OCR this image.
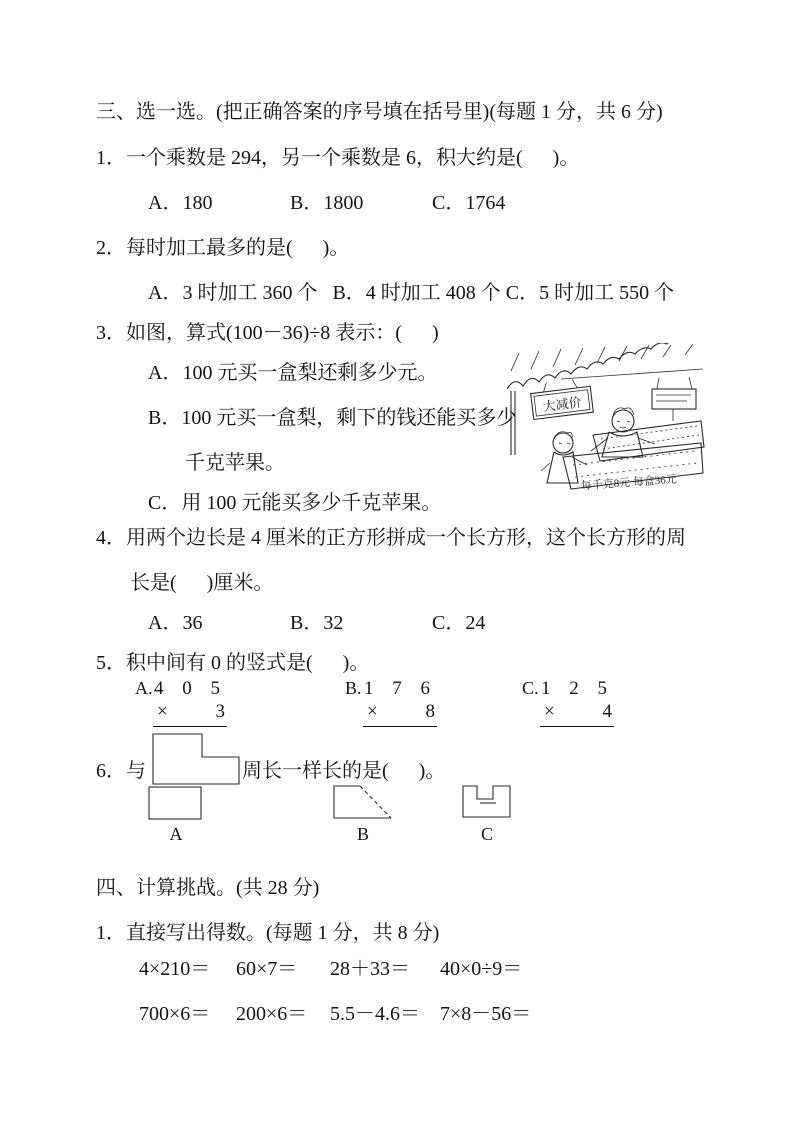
三、选一选。(把正确答案的序号填在括号里)(每题 1 分，共 6 分)
1．一个乘数是 294，另一个乘数是 6，积大约是(      )。
A．180	B．1800	C．1764
2．每时加工最多的是(      )。
A．3 时加工 360 个   B．4 时加工 408 个 C．5 时加工 550 个
3．如图，算式(100－36)÷8 表示：(      )
A．100 元买一盒梨还剩多少元。
B．100 元买一盒梨，剩下的钱还能买多少
千克苹果。
C．用 100 元能买多少千克苹果。
大减价
每千克8元 每盒36元
4．用两个边长是 4 厘米的正方形拼成一个长方形，这个长方形的周
长是(      )厘米。
A．36	B．32	C．24
5．积中间有 0 的竖式是(      )。
A. 4 0 5
×	3
B. 1 7 6
×	8
C. 1 2 5
×	4
6．与	周长一样长的是(      )。
A	B	C
四、计算挑战。(共 28 分)
1．直接写出得数。(每题 1 分，共 8 分)
4×210＝ 60×7＝ 28＋33＝ 40×0÷9＝
700×6＝ 200×6＝ 5.5－4.6＝ 7×8－56＝
